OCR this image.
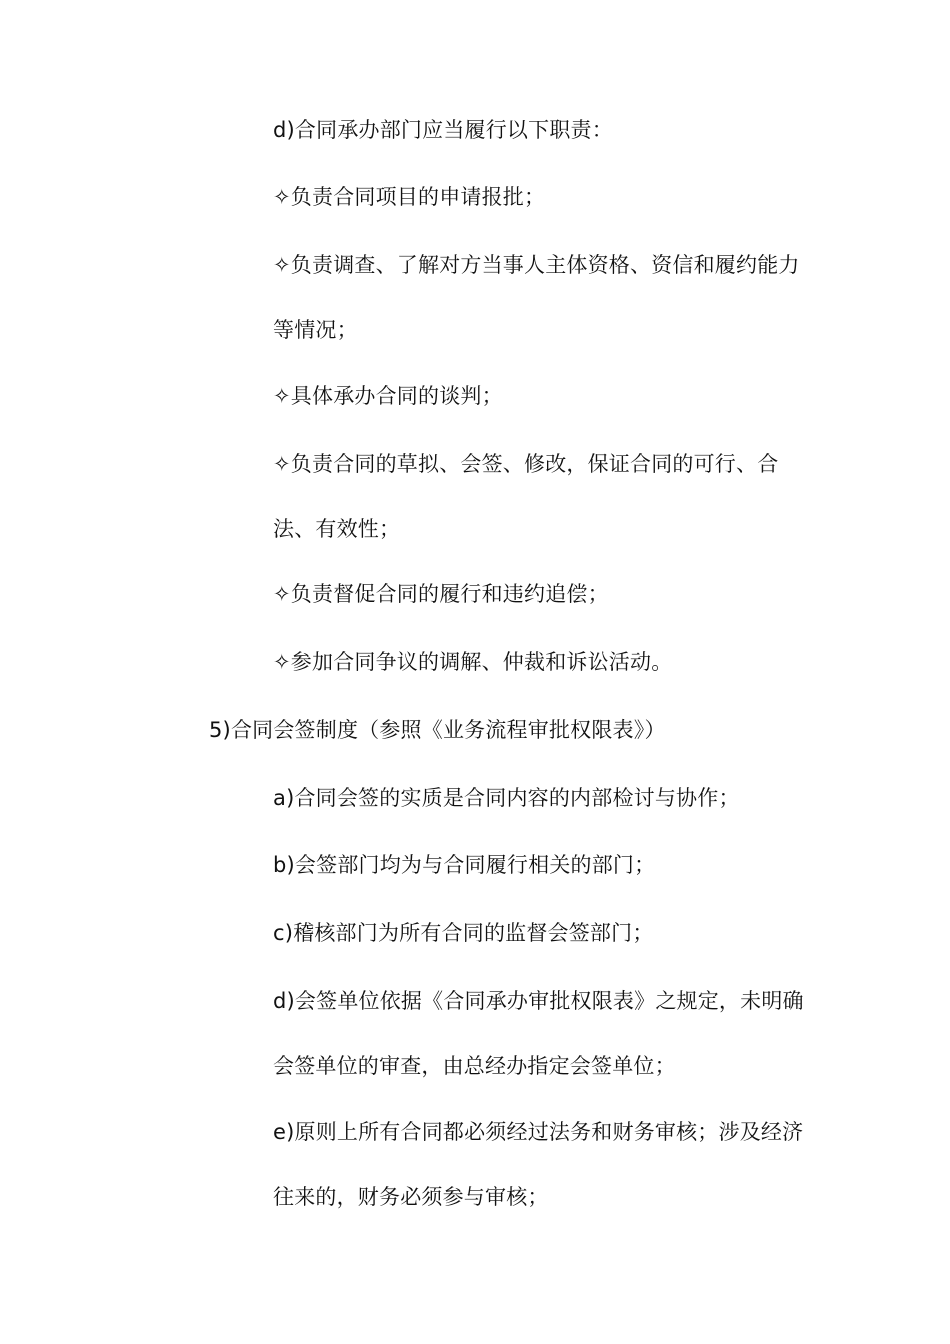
d)合同承办部门应当履行以下职责：
✧负责合同项目的申请报批；
✧负责调查、了解对方当事人主体资格、资信和履约能力
等情况；
✧具体承办合同的谈判；
✧负责合同的草拟、会签、修改，保证合同的可行、合
法、有效性；
✧负责督促合同的履行和违约追偿；
✧参加合同争议的调解、仲裁和诉讼活动。
5)合同会签制度（参照《业务流程审批权限表》）
a)合同会签的实质是合同内容的内部检讨与协作；
b)会签部门均为与合同履行相关的部门；
c)稽核部门为所有合同的监督会签部门；
d)会签单位依据《合同承办审批权限表》之规定，未明确
会签单位的审查，由总经办指定会签单位；
e)原则上所有合同都必须经过法务和财务审核；涉及经济
往来的，财务必须参与审核；
